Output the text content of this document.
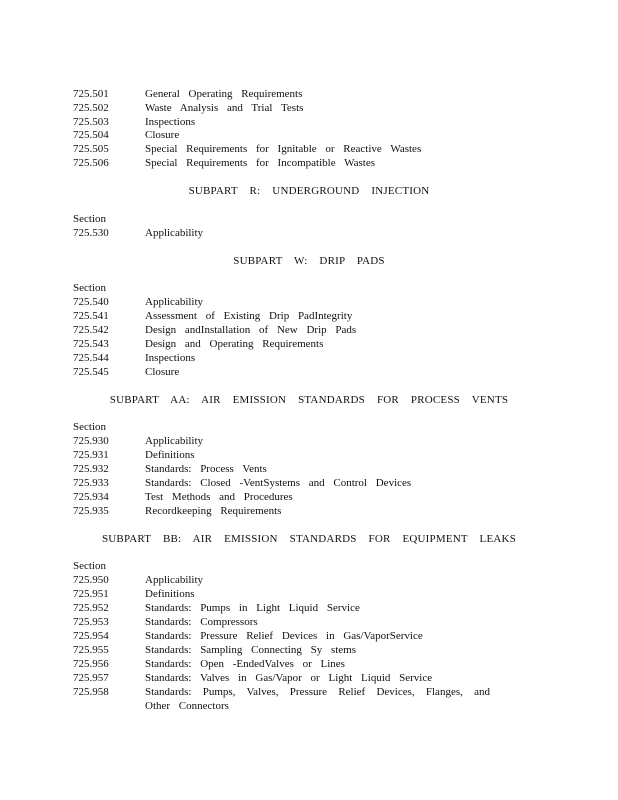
725.501	General Operating Requirements
725.502	Waste Analysis and Trial Tests
725.503	Inspections
725.504	Closure
725.505	Special Requirements for Ignitable or Reactive Wastes
725.506	Special Requirements for Incompatible Wastes
SUBPART R: UNDERGROUND INJECTION
Section
725.530	Applicability
SUBPART W: DRIP PADS
Section
725.540	Applicability
725.541	Assessment of Existing Drip PadIntegrity
725.542	Design andInstallation of New Drip Pads
725.543	Design and Operating Requirements
725.544	Inspections
725.545	Closure
SUBPART AA: AIR EMISSION STANDARDS FOR PROCESS VENTS
Section
725.930	Applicability
725.931	Definitions
725.932	Standards: Process Vents
725.933	Standards: Closed -VentSystems and Control Devices
725.934	Test Methods and Procedures
725.935	Recordkeeping Requirements
SUBPART BB: AIR EMISSION STANDARDS FOR EQUIPMENT LEAKS
Section
725.950	Applicability
725.951	Definitions
725.952	Standards: Pumps in Light Liquid Service
725.953	Standards: Compressors
725.954	Standards: Pressure Relief Devices in Gas/VaporService
725.955	Standards: Sampling Connecting Sy stems
725.956	Standards: Open -EndedValves or Lines
725.957	Standards: Valves in Gas/Vapor or Light Liquid Service
725.958	Standards: Pumps, Valves, Pressure Relief Devices, Flanges, and Other Connectors
